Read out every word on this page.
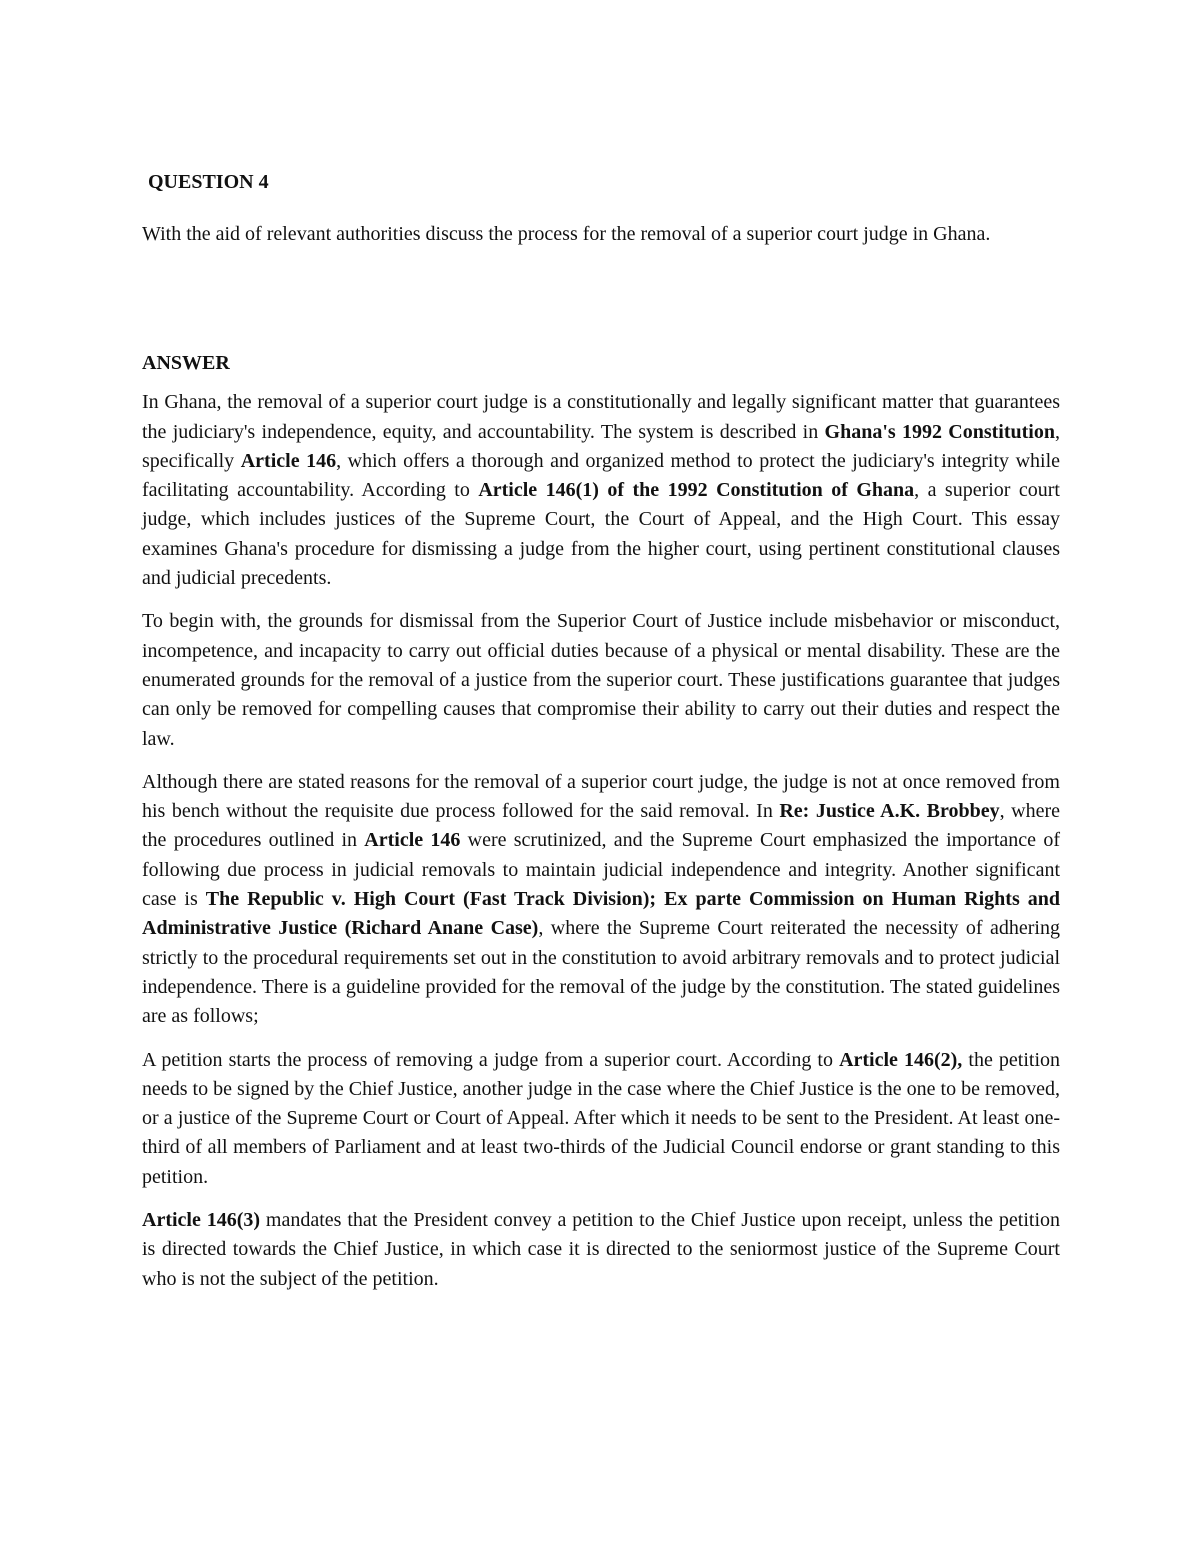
QUESTION 4

With the aid of relevant authorities discuss the process for the removal of a superior court judge in Ghana.

ANSWER

In Ghana, the removal of a superior court judge is a constitutionally and legally significant matter that guarantees the judiciary's independence, equity, and accountability. The system is described in Ghana's 1992 Constitution, specifically Article 146, which offers a thorough and organized method to protect the judiciary's integrity while facilitating accountability. According to Article 146(1) of the 1992 Constitution of Ghana, a superior court judge, which includes justices of the Supreme Court, the Court of Appeal, and the High Court. This essay examines Ghana's procedure for dismissing a judge from the higher court, using pertinent constitutional clauses and judicial precedents.

To begin with, the grounds for dismissal from the Superior Court of Justice include misbehavior or misconduct, incompetence, and incapacity to carry out official duties because of a physical or mental disability. These are the enumerated grounds for the removal of a justice from the superior court. These justifications guarantee that judges can only be removed for compelling causes that compromise their ability to carry out their duties and respect the law.

Although there are stated reasons for the removal of a superior court judge, the judge is not at once removed from his bench without the requisite due process followed for the said removal. In Re: Justice A.K. Brobbey, where the procedures outlined in Article 146 were scrutinized, and the Supreme Court emphasized the importance of following due process in judicial removals to maintain judicial independence and integrity. Another significant case is The Republic v. High Court (Fast Track Division); Ex parte Commission on Human Rights and Administrative Justice (Richard Anane Case), where the Supreme Court reiterated the necessity of adhering strictly to the procedural requirements set out in the constitution to avoid arbitrary removals and to protect judicial independence. There is a guideline provided for the removal of the judge by the constitution. The stated guidelines are as follows;

A petition starts the process of removing a judge from a superior court. According to Article 146(2), the petition needs to be signed by the Chief Justice, another judge in the case where the Chief Justice is the one to be removed, or a justice of the Supreme Court or Court of Appeal. After which it needs to be sent to the President. At least one-third of all members of Parliament and at least two-thirds of the Judicial Council endorse or grant standing to this petition.

Article 146(3) mandates that the President convey a petition to the Chief Justice upon receipt, unless the petition is directed towards the Chief Justice, in which case it is directed to the seniormost justice of the Supreme Court who is not the subject of the petition.
